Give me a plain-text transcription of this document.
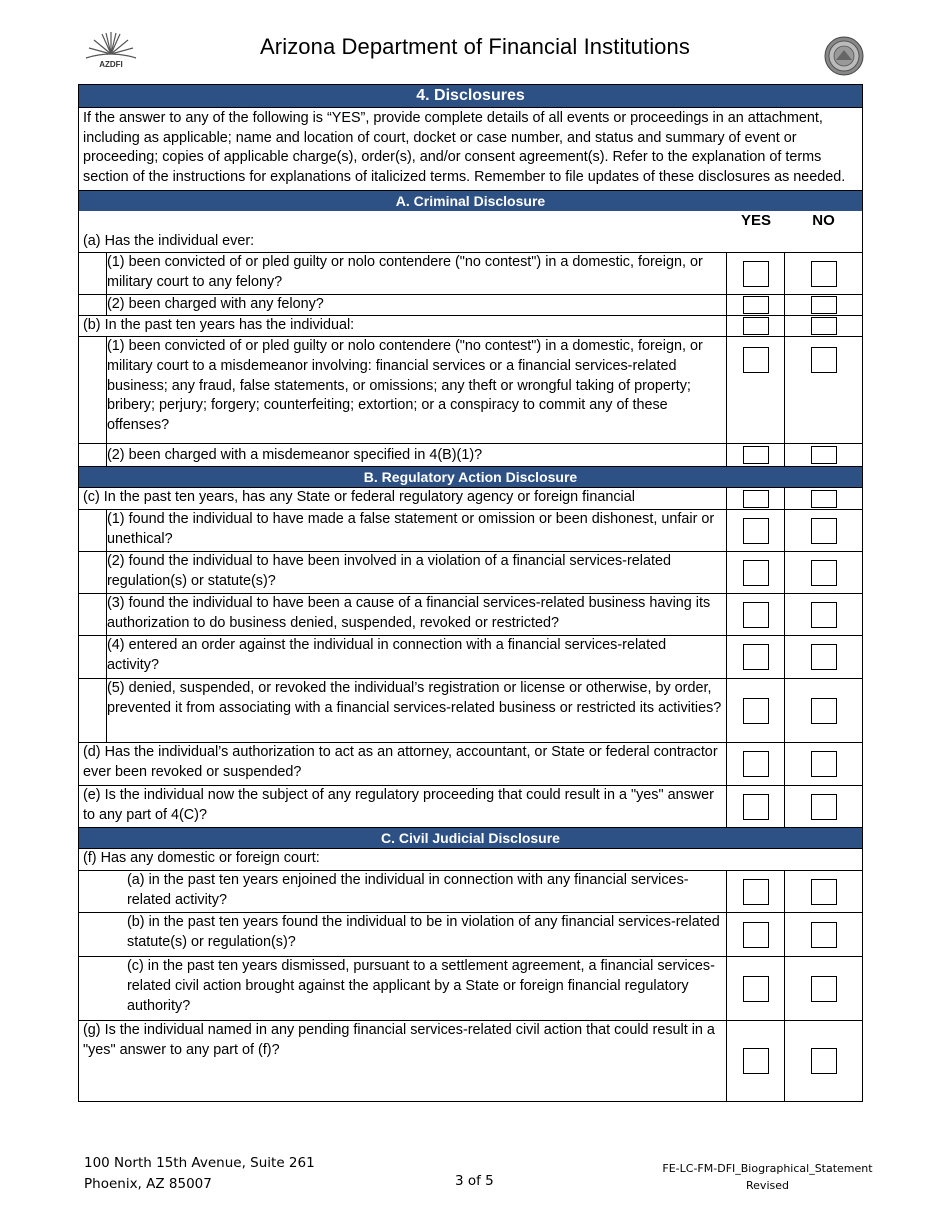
AZDFI
Arizona Department of Financial Institutions
4. Disclosures
If the answer to any of the following is “YES”, provide complete details of all events or proceedings in an attachment, including as applicable; name and location of court, docket or case number, and status and summary of event or proceeding; copies of applicable charge(s), order(s), and/or consent agreement(s). Refer to the explanation of terms section of the instructions for explanations of italicized terms. Remember to file updates of these disclosures as needed.
A. Criminal Disclosure
YES	NO
(a) Has the individual ever:
(1) been convicted of or pled guilty or nolo contendere ("no contest") in a domestic, foreign, or military court to any felony?
(2) been charged with any felony?
(b) In the past ten years has the individual:
(1) been convicted of or pled guilty or nolo contendere ("no contest") in a domestic, foreign, or military court to a misdemeanor involving: financial services or a financial services-related business; any fraud, false statements, or omissions; any theft or wrongful taking of property; bribery; perjury; forgery; counterfeiting; extortion; or a conspiracy to commit any of these offenses?
(2) been charged with a misdemeanor specified in 4(B)(1)?
B. Regulatory Action Disclosure
(c) In the past ten years, has any State or federal regulatory agency or foreign financial
(1) found the individual to have made a false statement or omission or been dishonest, unfair or unethical?
(2) found the individual to have been involved in a violation of a financial services-related regulation(s) or statute(s)?
(3) found the individual to have been a cause of a financial services-related business having its authorization to do business denied, suspended, revoked or restricted?
(4) entered an order against the individual in connection with a financial services-related activity?
(5) denied, suspended, or revoked the individual’s registration or license or otherwise, by order, prevented it from associating with a financial services-related business or restricted its activities?
(d) Has the individual’s authorization to act as an attorney, accountant, or State or federal contractor ever been revoked or suspended?
(e) Is the individual now the subject of any regulatory proceeding that could result in a "yes" answer to any part of 4(C)?
C. Civil Judicial Disclosure
(f) Has any domestic or foreign court:
(a) in the past ten years enjoined the individual in connection with any financial services-related activity?
(b) in the past ten years found the individual to be in violation of any financial services-related statute(s) or regulation(s)?
(c) in the past ten years dismissed, pursuant to a settlement agreement, a financial services-related civil action brought against the applicant by a State or foreign financial regulatory authority?
(g) Is the individual named in any pending financial services-related civil action that could result in a "yes" answer to any part of (f)?
100 North 15th Avenue, Suite 261
Phoenix, AZ 85007	3 of 5
FE-LC-FM-DFI_Biographical_Statement
Revised
